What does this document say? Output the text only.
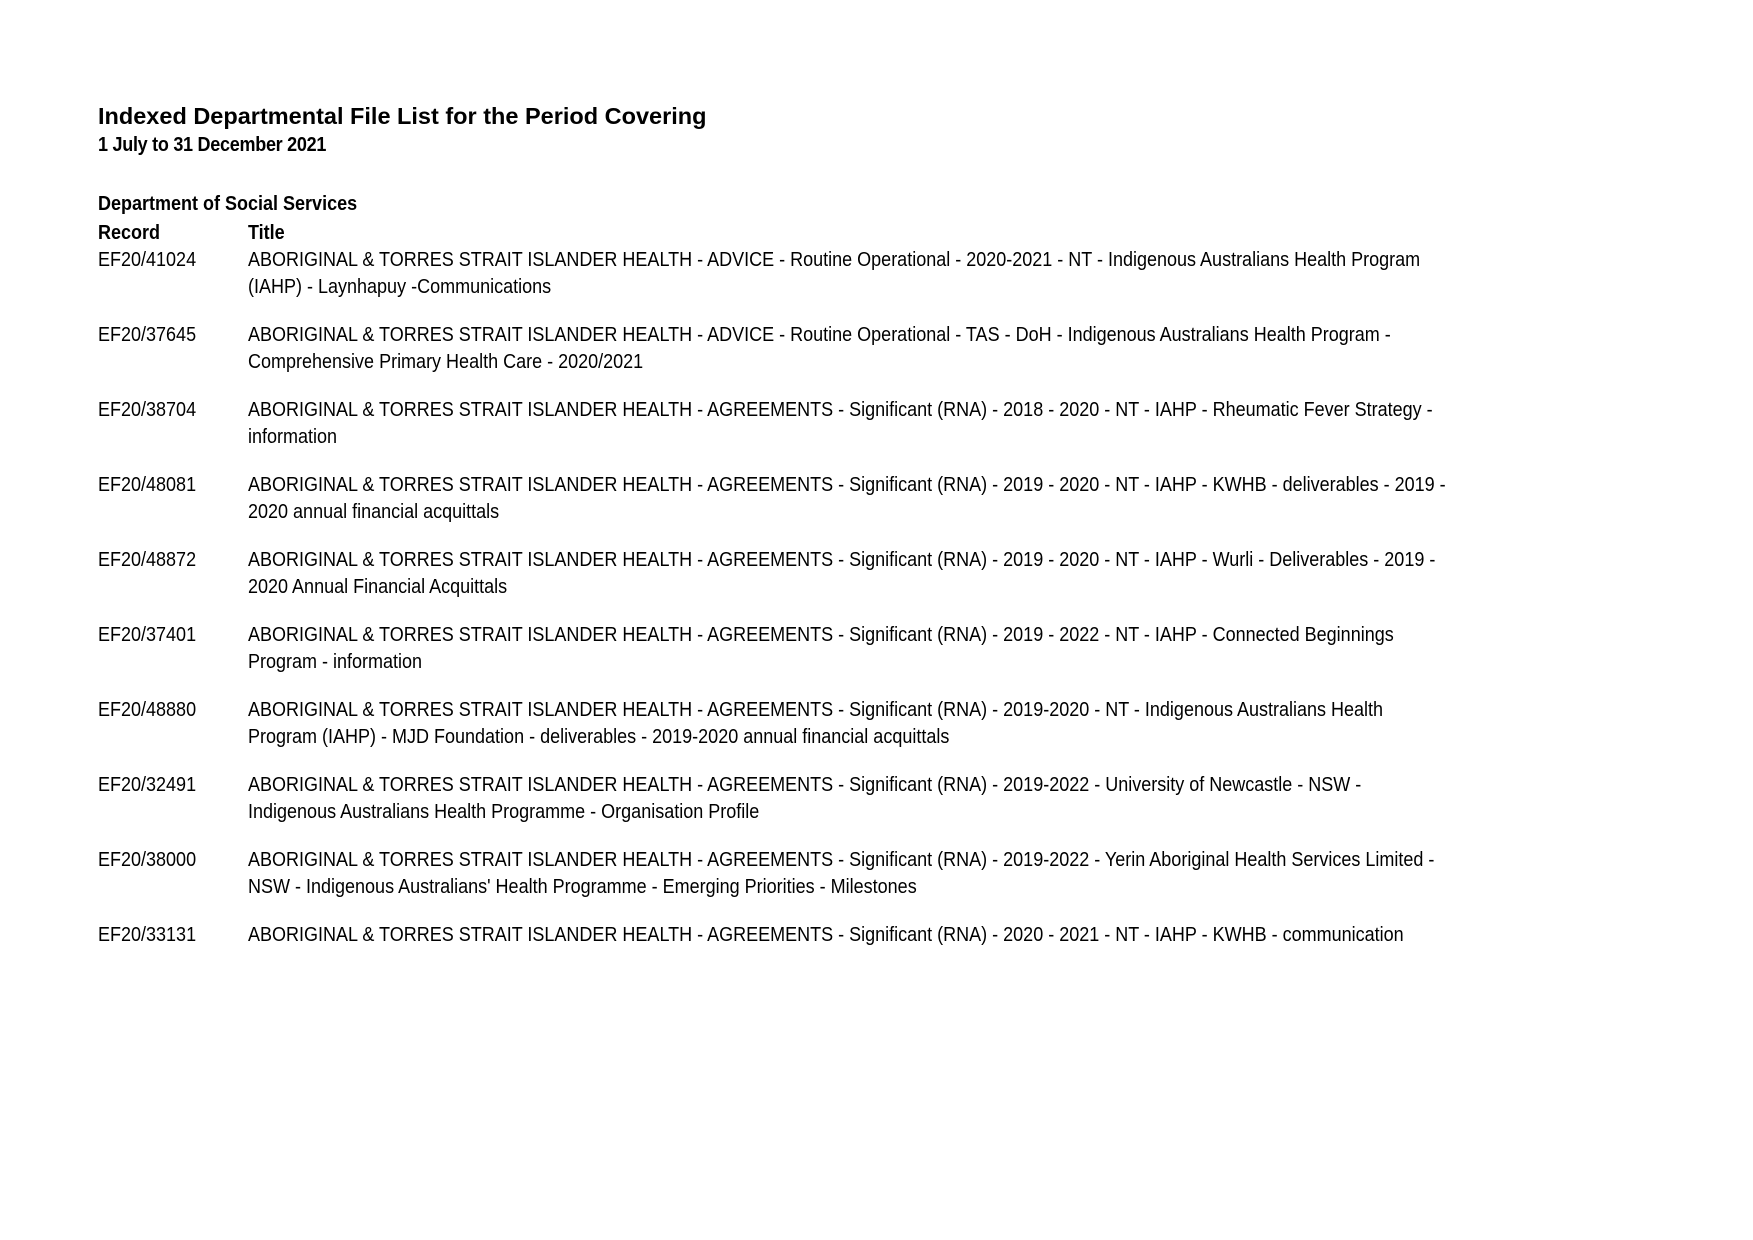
Indexed Departmental File List for the Period Covering
1 July to 31 December 2021
Department of Social Services
Record	Title
EF20/41024	ABORIGINAL & TORRES STRAIT ISLANDER HEALTH - ADVICE - Routine Operational - 2020-2021 - NT - Indigenous Australians Health Program
(IAHP) - Laynhapuy -Communications
EF20/37645	ABORIGINAL & TORRES STRAIT ISLANDER HEALTH - ADVICE - Routine Operational - TAS - DoH - Indigenous Australians Health Program -
Comprehensive Primary Health Care - 2020/2021
EF20/38704	ABORIGINAL & TORRES STRAIT ISLANDER HEALTH - AGREEMENTS - Significant (RNA) - 2018 - 2020 - NT - IAHP - Rheumatic Fever Strategy -
information
EF20/48081	ABORIGINAL & TORRES STRAIT ISLANDER HEALTH - AGREEMENTS - Significant (RNA) - 2019 - 2020 - NT - IAHP - KWHB - deliverables - 2019 -
2020 annual financial acquittals
EF20/48872	ABORIGINAL & TORRES STRAIT ISLANDER HEALTH - AGREEMENTS - Significant (RNA) - 2019 - 2020 - NT - IAHP - Wurli - Deliverables - 2019 -
2020 Annual Financial Acquittals
EF20/37401	ABORIGINAL & TORRES STRAIT ISLANDER HEALTH - AGREEMENTS - Significant (RNA) - 2019 - 2022 - NT - IAHP - Connected Beginnings
Program - information
EF20/48880	ABORIGINAL & TORRES STRAIT ISLANDER HEALTH - AGREEMENTS - Significant (RNA) - 2019-2020 - NT - Indigenous Australians Health
Program (IAHP) - MJD Foundation - deliverables - 2019-2020 annual financial acquittals
EF20/32491	ABORIGINAL & TORRES STRAIT ISLANDER HEALTH - AGREEMENTS - Significant (RNA) - 2019-2022 - University of Newcastle - NSW -
Indigenous Australians Health Programme - Organisation Profile
EF20/38000	ABORIGINAL & TORRES STRAIT ISLANDER HEALTH - AGREEMENTS - Significant (RNA) - 2019-2022 - Yerin Aboriginal Health Services Limited -
NSW - Indigenous Australians' Health Programme - Emerging Priorities - Milestones
EF20/33131	ABORIGINAL & TORRES STRAIT ISLANDER HEALTH - AGREEMENTS - Significant (RNA) - 2020 - 2021 - NT - IAHP - KWHB - communication
